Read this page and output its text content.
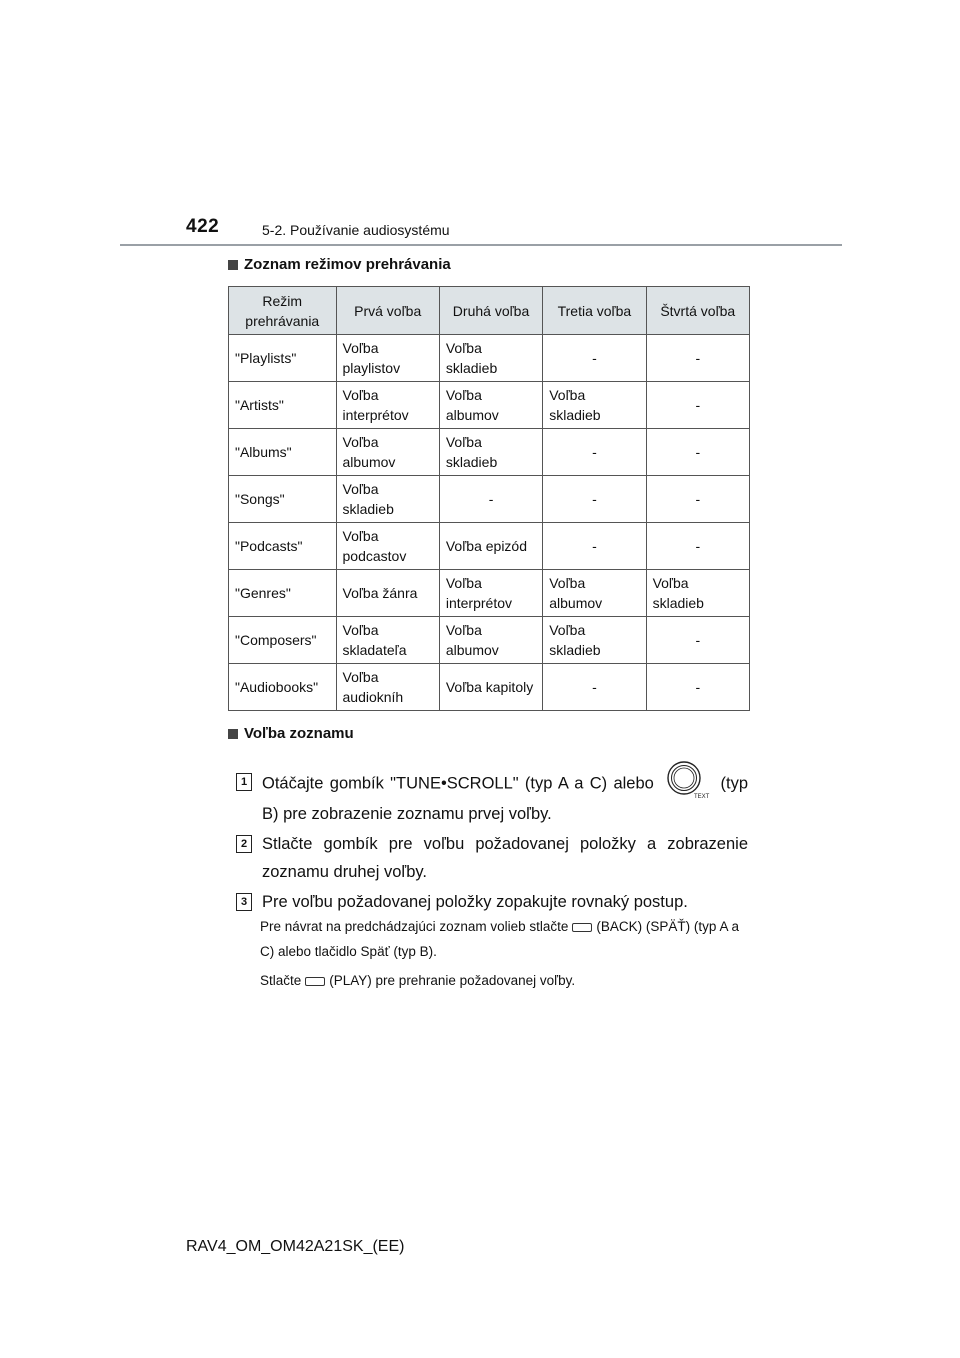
422	5-2. Používanie audiosystému
Zoznam režimov prehrávania
Režim prehrávania	Prvá voľba	Druhá voľba	Tretia voľba	Štvrtá voľba
"Playlists"	Voľba playlistov	Voľba skladieb	-	-
"Artists"	Voľba interprétov	Voľba albumov	Voľba skladieb	-
"Albums"	Voľba albumov	Voľba skladieb	-	-
"Songs"	Voľba skladieb	-	-	-
"Podcasts"	Voľba podcastov	Voľba epizód	-	-
"Genres"	Voľba žánra	Voľba interprétov	Voľba albumov	Voľba skladieb
"Composers"	Voľba skladateľa	Voľba albumov	Voľba skladieb	-
"Audiobooks"	Voľba audiokníh	Voľba kapitoly	-	-
Voľba zoznamu
1 Otáčajte gombík "TUNE•SCROLL" (typ A a C) alebo
TEXT
(typ B) pre zobrazenie zoznamu prvej voľby.
2 Stlačte gombík pre voľbu požadovanej položky a zobrazenie zoznamu druhej voľby.
3 Pre voľbu požadovanej položky zopakujte rovnaký postup.
Pre návrat na predchádzajúci zoznam volieb stlačte (BACK) (SPÄŤ) (typ A a C) alebo tlačidlo Späť (typ B).
Stlačte (PLAY) pre prehranie požadovanej voľby.
RAV4_OM_OM42A21SK_(EE)
